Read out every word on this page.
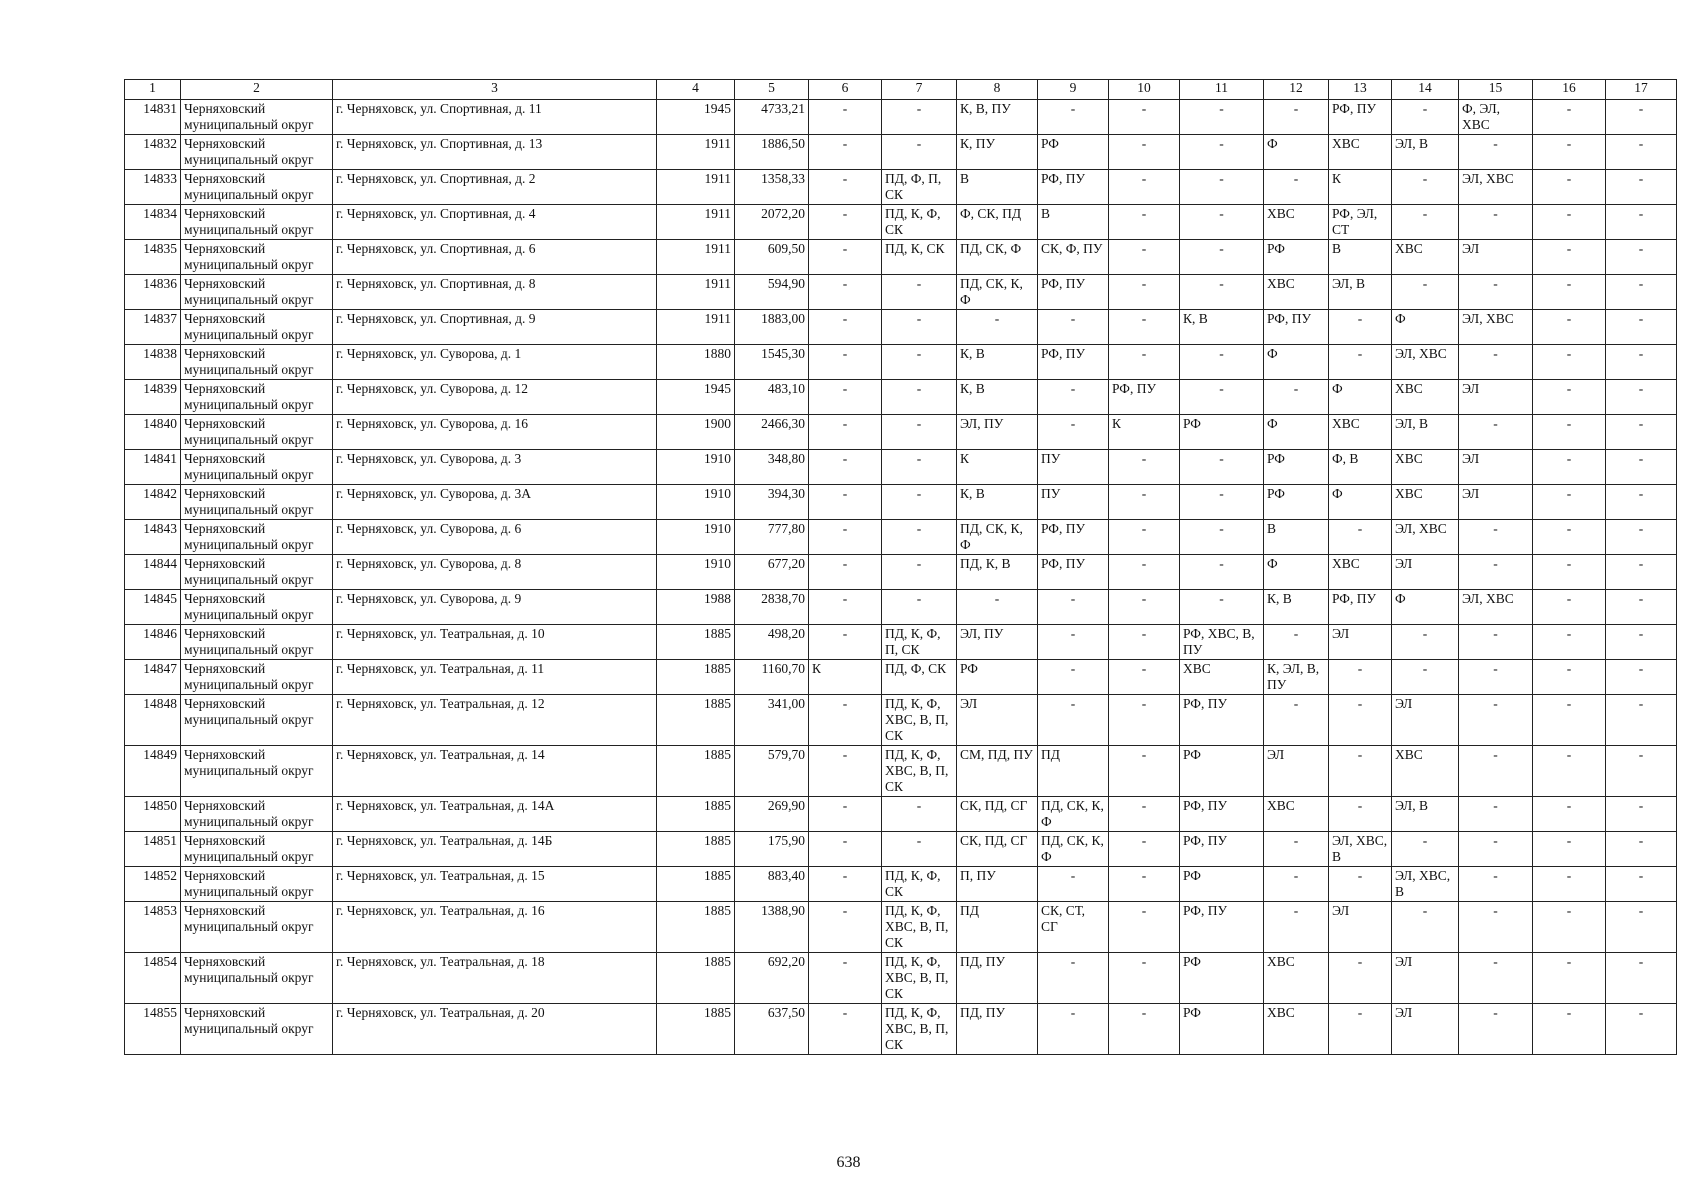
1	2	3	4	5	6	7	8	9	10	11	12	13	14	15	16	17
14831	Черняховский муниципальный округ	г. Черняховск, ул. Спортивная, д. 11	1945	4733,21	-	-	К, В, ПУ	-	-	-	-	РФ, ПУ	-	Ф, ЭЛ, ХВС	-	-
14832	Черняховский муниципальный округ	г. Черняховск, ул. Спортивная, д. 13	1911	1886,50	-	-	К, ПУ	РФ	-	-	Ф	ХВС	ЭЛ, В	-	-	-
14833	Черняховский муниципальный округ	г. Черняховск, ул. Спортивная, д. 2	1911	1358,33	-	ПД, Ф, П, СК	В	РФ, ПУ	-	-	-	К	-	ЭЛ, ХВС	-	-
14834	Черняховский муниципальный округ	г. Черняховск, ул. Спортивная, д. 4	1911	2072,20	-	ПД, К, Ф, СК	Ф, СК, ПД	В	-	-	ХВС	РФ, ЭЛ, СТ	-	-	-	-
14835	Черняховский муниципальный округ	г. Черняховск, ул. Спортивная, д. 6	1911	609,50	-	ПД, К, СК	ПД, СК, Ф	СК, Ф, ПУ	-	-	РФ	В	ХВС	ЭЛ	-	-
14836	Черняховский муниципальный округ	г. Черняховск, ул. Спортивная, д. 8	1911	594,90	-	-	ПД, СК, К, Ф	РФ, ПУ	-	-	ХВС	ЭЛ, В	-	-	-	-
14837	Черняховский муниципальный округ	г. Черняховск, ул. Спортивная, д. 9	1911	1883,00	-	-	-	-	-	К, В	РФ, ПУ	-	Ф	ЭЛ, ХВС	-	-
14838	Черняховский муниципальный округ	г. Черняховск, ул. Суворова, д. 1	1880	1545,30	-	-	К, В	РФ, ПУ	-	-	Ф	-	ЭЛ, ХВС	-	-	-
14839	Черняховский муниципальный округ	г. Черняховск, ул. Суворова, д. 12	1945	483,10	-	-	К, В	-	РФ, ПУ	-	-	Ф	ХВС	ЭЛ	-	-
14840	Черняховский муниципальный округ	г. Черняховск, ул. Суворова, д. 16	1900	2466,30	-	-	ЭЛ, ПУ	-	К	РФ	Ф	ХВС	ЭЛ, В	-	-	-
14841	Черняховский муниципальный округ	г. Черняховск, ул. Суворова, д. 3	1910	348,80	-	-	К	ПУ	-	-	РФ	Ф, В	ХВС	ЭЛ	-	-
14842	Черняховский муниципальный округ	г. Черняховск, ул. Суворова, д. 3А	1910	394,30	-	-	К, В	ПУ	-	-	РФ	Ф	ХВС	ЭЛ	-	-
14843	Черняховский муниципальный округ	г. Черняховск, ул. Суворова, д. 6	1910	777,80	-	-	ПД, СК, К, Ф	РФ, ПУ	-	-	В	-	ЭЛ, ХВС	-	-	-
14844	Черняховский муниципальный округ	г. Черняховск, ул. Суворова, д. 8	1910	677,20	-	-	ПД, К, В	РФ, ПУ	-	-	Ф	ХВС	ЭЛ	-	-	-
14845	Черняховский муниципальный округ	г. Черняховск, ул. Суворова, д. 9	1988	2838,70	-	-	-	-	-	-	К, В	РФ, ПУ	Ф	ЭЛ, ХВС	-	-
14846	Черняховский муниципальный округ	г. Черняховск, ул. Театральная, д. 10	1885	498,20	-	ПД, К, Ф, П, СК	ЭЛ, ПУ	-	-	РФ, ХВС, В, ПУ	-	ЭЛ	-	-	-	-
14847	Черняховский муниципальный округ	г. Черняховск, ул. Театральная, д. 11	1885	1160,70	К	ПД, Ф, СК	РФ	-	-	ХВС	К, ЭЛ, В, ПУ	-	-	-	-	-
14848	Черняховский муниципальный округ	г. Черняховск, ул. Театральная, д. 12	1885	341,00	-	ПД, К, Ф, ХВС, В, П, СК	ЭЛ	-	-	РФ, ПУ	-	-	ЭЛ	-	-	-
14849	Черняховский муниципальный округ	г. Черняховск, ул. Театральная, д. 14	1885	579,70	-	ПД, К, Ф, ХВС, В, П, СК	СМ, ПД, ПУ	ПД	-	РФ	ЭЛ	-	ХВС	-	-	-
14850	Черняховский муниципальный округ	г. Черняховск, ул. Театральная, д. 14А	1885	269,90	-	-	СК, ПД, СГ	ПД, СК, К, Ф	-	РФ, ПУ	ХВС	-	ЭЛ, В	-	-	-
14851	Черняховский муниципальный округ	г. Черняховск, ул. Театральная, д. 14Б	1885	175,90	-	-	СК, ПД, СГ	ПД, СК, К, Ф	-	РФ, ПУ	-	ЭЛ, ХВС, В	-	-	-	-
14852	Черняховский муниципальный округ	г. Черняховск, ул. Театральная, д. 15	1885	883,40	-	ПД, К, Ф, СК	П, ПУ	-	-	РФ	-	-	ЭЛ, ХВС, В	-	-	-
14853	Черняховский муниципальный округ	г. Черняховск, ул. Театральная, д. 16	1885	1388,90	-	ПД, К, Ф, ХВС, В, П, СК	ПД	СК, СТ, СГ	-	РФ, ПУ	-	ЭЛ	-	-	-	-
14854	Черняховский муниципальный округ	г. Черняховск, ул. Театральная, д. 18	1885	692,20	-	ПД, К, Ф, ХВС, В, П, СК	ПД, ПУ	-	-	РФ	ХВС	-	ЭЛ	-	-	-
14855	Черняховский муниципальный округ	г. Черняховск, ул. Театральная, д. 20	1885	637,50	-	ПД, К, Ф, ХВС, В, П, СК	ПД, ПУ	-	-	РФ	ХВС	-	ЭЛ	-	-	-
638
